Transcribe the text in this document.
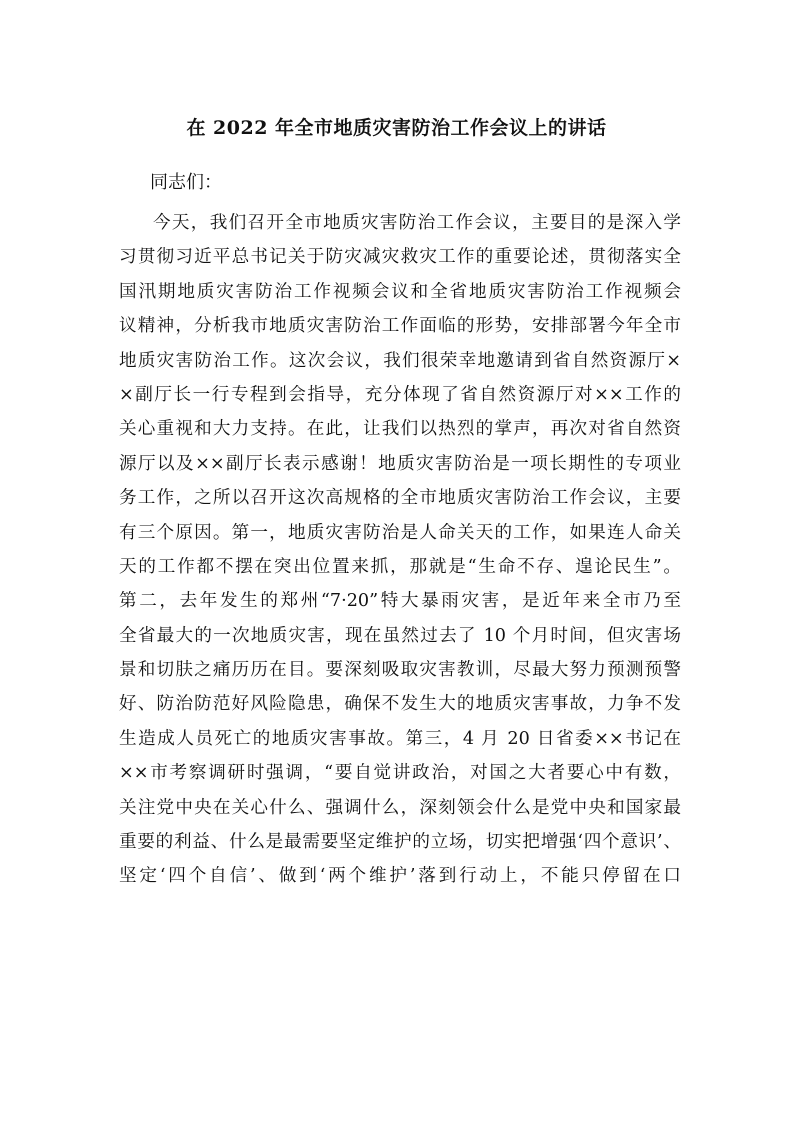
在 2022 年全市地质灾害防治工作会议上的讲话

同志们：

今天，我们召开全市地质灾害防治工作会议，主要目的是深入学
习贯彻习近平总书记关于防灾减灾救灾工作的重要论述，贯彻落实全
国汛期地质灾害防治工作视频会议和全省地质灾害防治工作视频会
议精神，分析我市地质灾害防治工作面临的形势，安排部署今年全市
地质灾害防治工作。这次会议，我们很荣幸地邀请到省自然资源厅×
×副厅长一行专程到会指导，充分体现了省自然资源厅对××工作的
关心重视和大力支持。在此，让我们以热烈的掌声，再次对省自然资
源厅以及××副厅长表示感谢！地质灾害防治是一项长期性的专项业
务工作，之所以召开这次高规格的全市地质灾害防治工作会议，主要
有三个原因。第一，地质灾害防治是人命关天的工作，如果连人命关
天的工作都不摆在突出位置来抓，那就是“生命不存、遑论民生”。
第二，去年发生的郑州“7·20”特大暴雨灾害，是近年来全市乃至
全省最大的一次地质灾害，现在虽然过去了 10 个月时间，但灾害场
景和切肤之痛历历在目。要深刻吸取灾害教训，尽最大努力预测预警
好、防治防范好风险隐患，确保不发生大的地质灾害事故，力争不发
生造成人员死亡的地质灾害事故。第三，4 月 20 日省委××书记在
××市考察调研时强调，“要自觉讲政治，对国之大者要心中有数，
关注党中央在关心什么、强调什么，深刻领会什么是党中央和国家最
重要的利益、什么是最需要坚定维护的立场，切实把增强‘四个意识’、
坚定‘四个自信’、做到‘两个维护’落到行动上，不能只停留在口
